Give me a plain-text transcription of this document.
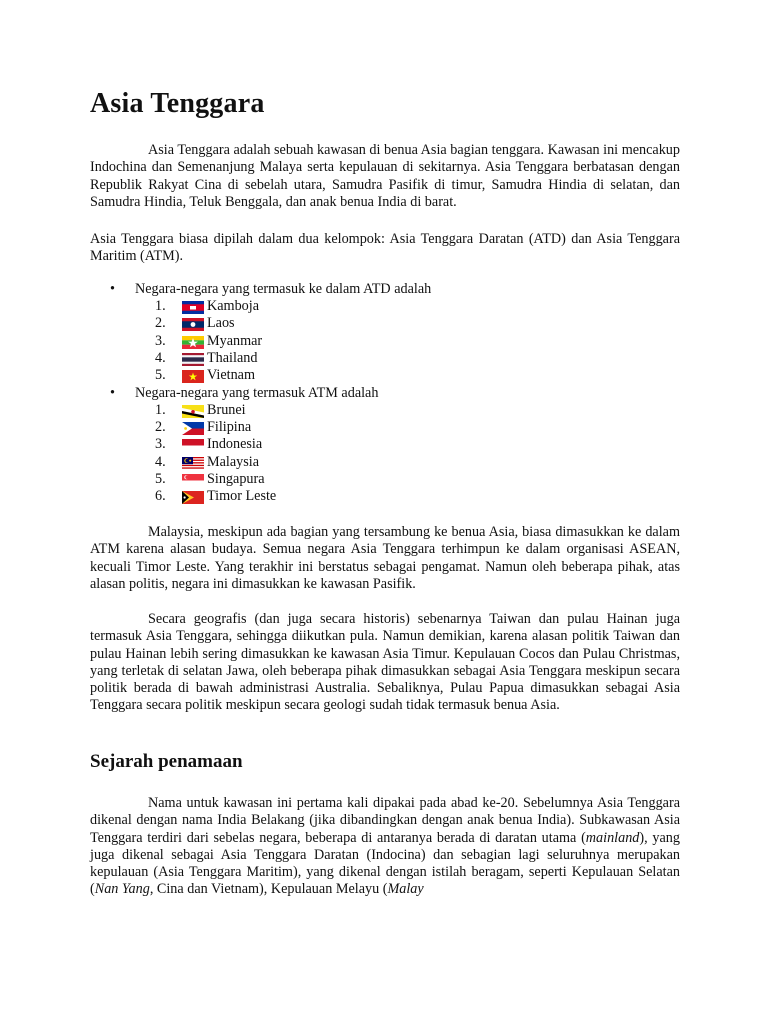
Asia Tenggara

Asia Tenggara adalah sebuah kawasan di benua Asia bagian tenggara. Kawasan ini mencakup Indochina dan Semenanjung Malaya serta kepulauan di sekitarnya. Asia Tenggara berbatasan dengan Republik Rakyat Cina di sebelah utara, Samudra Pasifik di timur, Samudra Hindia di selatan, dan Samudra Hindia, Teluk Benggala, dan anak benua India di barat.

Asia Tenggara biasa dipilah dalam dua kelompok: Asia Tenggara Daratan (ATD) dan Asia Tenggara Maritim (ATM).

• Negara-negara yang termasuk ke dalam ATD adalah
1.	Kamboja
2.	Laos
3.	Myanmar
4.	Thailand
5.	Vietnam
• Negara-negara yang termasuk ATM adalah
1.	Brunei
2.	Filipina
3.	Indonesia
4.	Malaysia
5.	Singapura
6.	Timor Leste

Malaysia, meskipun ada bagian yang tersambung ke benua Asia, biasa dimasukkan ke dalam ATM karena alasan budaya. Semua negara Asia Tenggara terhimpun ke dalam organisasi ASEAN, kecuali Timor Leste. Yang terakhir ini berstatus sebagai pengamat. Namun oleh beberapa pihak, atas alasan politis, negara ini dimasukkan ke kawasan Pasifik.

Secara geografis (dan juga secara historis) sebenarnya Taiwan dan pulau Hainan juga termasuk Asia Tenggara, sehingga diikutkan pula. Namun demikian, karena alasan politik Taiwan dan pulau Hainan lebih sering dimasukkan ke kawasan Asia Timur. Kepulauan Cocos dan Pulau Christmas, yang terletak di selatan Jawa, oleh beberapa pihak dimasukkan sebagai Asia Tenggara meskipun secara politik berada di bawah administrasi Australia. Sebaliknya, Pulau Papua dimasukkan sebagai Asia Tenggara secara politik meskipun secara geologi sudah tidak termasuk benua Asia.

Sejarah penamaan

Nama untuk kawasan ini pertama kali dipakai pada abad ke-20. Sebelumnya Asia Tenggara dikenal dengan nama India Belakang (jika dibandingkan dengan anak benua India). Subkawasan Asia Tenggara terdiri dari sebelas negara, beberapa di antaranya berada di daratan utama (mainland), yang juga dikenal sebagai Asia Tenggara Daratan (Indocina) dan sebagian lagi seluruhnya merupakan kepulauan (Asia Tenggara Maritim), yang dikenal dengan istilah beragam, seperti Kepulauan Selatan (Nan Yang, Cina dan Vietnam), Kepulauan Melayu (Malay
